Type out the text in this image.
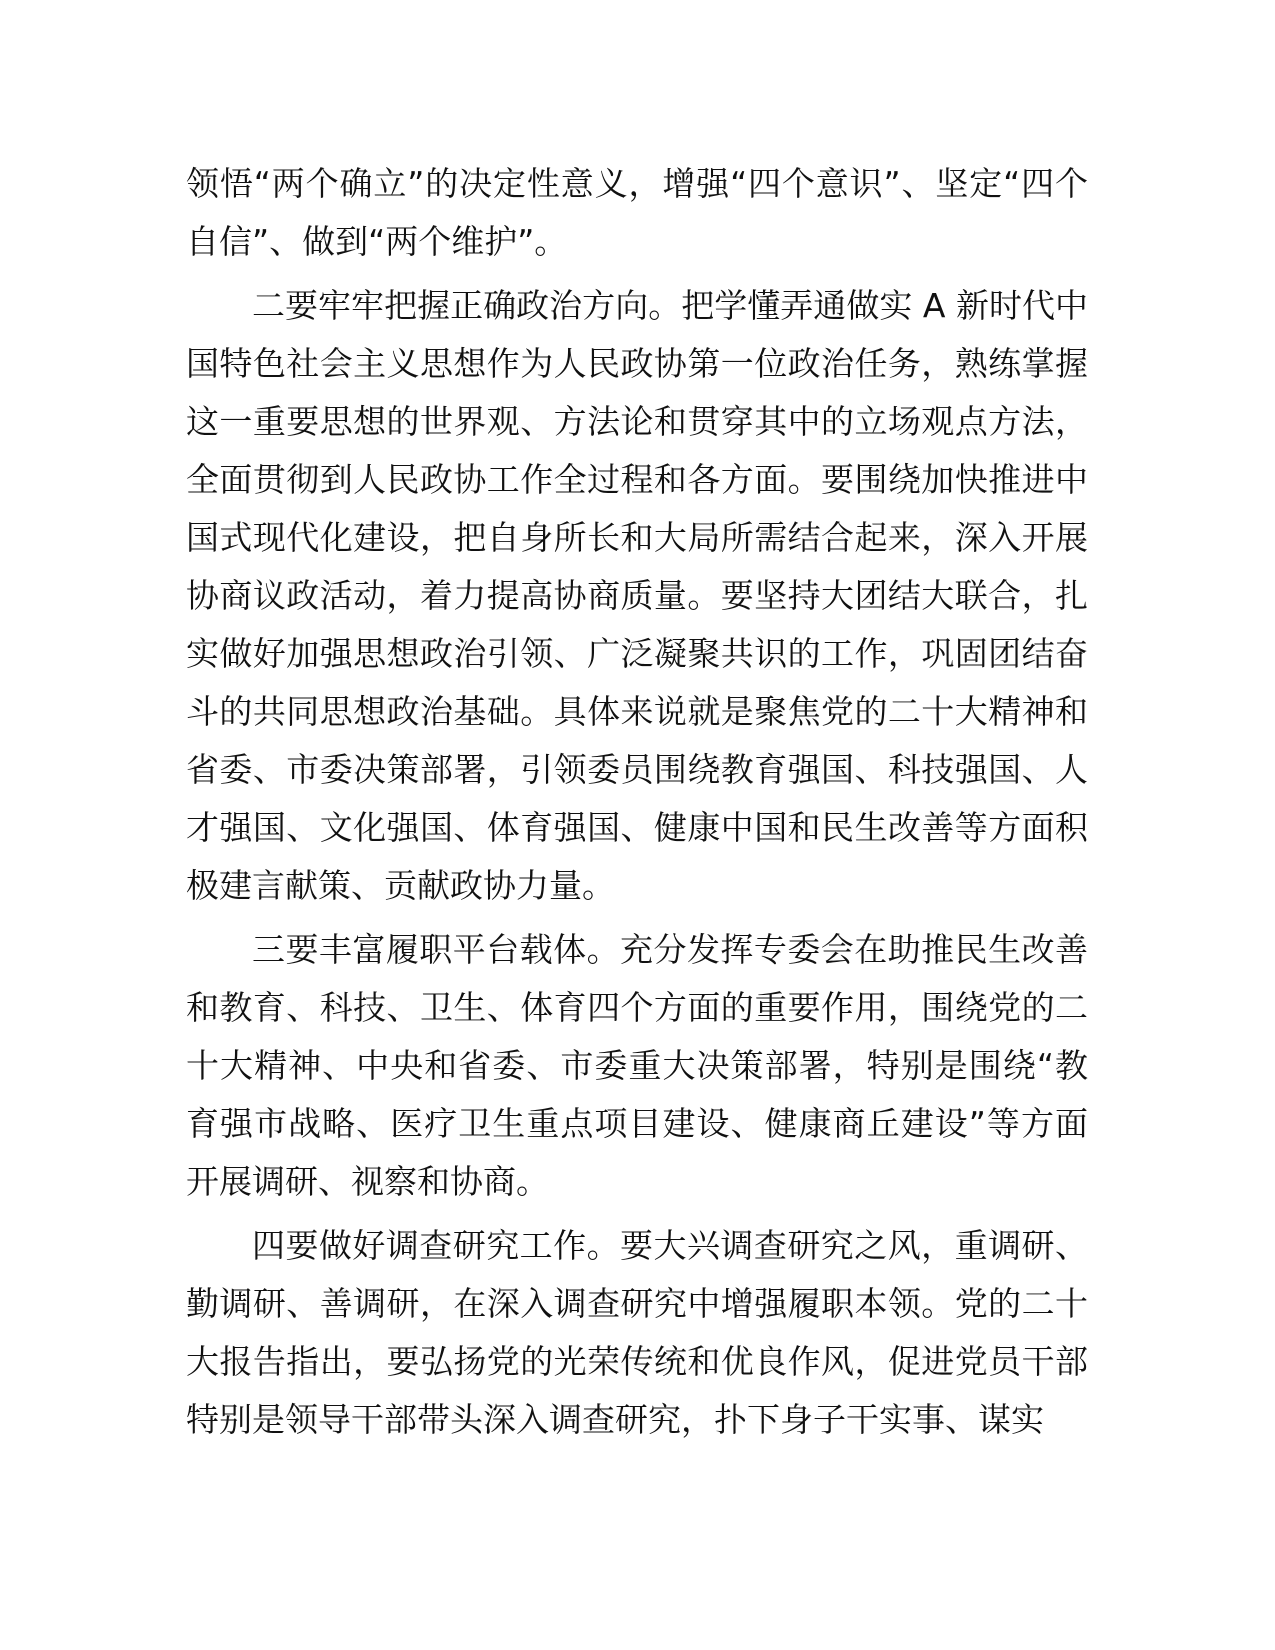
领悟“两个确立”的决定性意义，增强“四个意识”、坚定“四个自信”、做到“两个维护”。

二要牢牢把握正确政治方向。把学懂弄通做实 A 新时代中国特色社会主义思想作为人民政协第一位政治任务，熟练掌握这一重要思想的世界观、方法论和贯穿其中的立场观点方法，全面贯彻到人民政协工作全过程和各方面。要围绕加快推进中国式现代化建设，把自身所长和大局所需结合起来，深入开展协商议政活动，着力提高协商质量。要坚持大团结大联合，扎实做好加强思想政治引领、广泛凝聚共识的工作，巩固团结奋斗的共同思想政治基础。具体来说就是聚焦党的二十大精神和省委、市委决策部署，引领委员围绕教育强国、科技强国、人才强国、文化强国、体育强国、健康中国和民生改善等方面积极建言献策、贡献政协力量。

三要丰富履职平台载体。充分发挥专委会在助推民生改善和教育、科技、卫生、体育四个方面的重要作用，围绕党的二十大精神、中央和省委、市委重大决策部署，特别是围绕“教育强市战略、医疗卫生重点项目建设、健康商丘建设”等方面开展调研、视察和协商。

四要做好调查研究工作。要大兴调查研究之风，重调研、勤调研、善调研，在深入调查研究中增强履职本领。党的二十大报告指出，要弘扬党的光荣传统和优良作风，促进党员干部特别是领导干部带头深入调查研究，扑下身子干实事、谋实
